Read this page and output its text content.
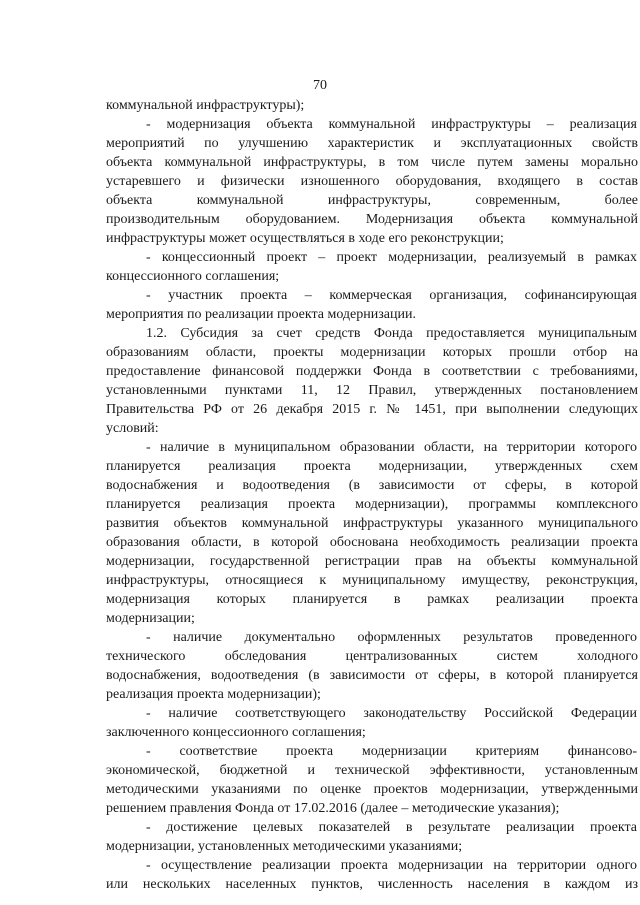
70
коммунальной инфраструктуры);
- модернизация объекта коммунальной инфраструктуры – реализация
мероприятий по улучшению характеристик и эксплуатационных свойств
объекта коммунальной инфраструктуры, в том числе путем замены морально
устаревшего и физически изношенного оборудования, входящего в состав
объекта коммунальной инфраструктуры, современным, более
производительным оборудованием. Модернизация объекта коммунальной
инфраструктуры может осуществляться в ходе его реконструкции;
- концессионный проект – проект модернизации, реализуемый в рамках
концессионного соглашения;
- участник проекта – коммерческая организация, софинансирующая
мероприятия по реализации проекта модернизации.
1.2. Субсидия за счет средств Фонда предоставляется муниципальным
образованиям области, проекты модернизации которых прошли отбор на
предоставление финансовой поддержки Фонда в соответствии с требованиями,
установленными пунктами 11, 12 Правил, утвержденных постановлением
Правительства РФ от 26 декабря 2015 г. № 1451, при выполнении следующих
условий:
- наличие в муниципальном образовании области, на территории которого
планируется реализация проекта модернизации, утвержденных схем
водоснабжения и водоотведения (в зависимости от сферы, в которой
планируется реализация проекта модернизации), программы комплексного
развития объектов коммунальной инфраструктуры указанного муниципального
образования области, в которой обоснована необходимость реализации проекта
модернизации, государственной регистрации прав на объекты коммунальной
инфраструктуры, относящиеся к муниципальному имуществу, реконструкция,
модернизация которых планируется в рамках реализации проекта
модернизации;
- наличие документально оформленных результатов проведенного
технического обследования централизованных систем холодного
водоснабжения, водоотведения (в зависимости от сферы, в которой планируется
реализация проекта модернизации);
- наличие соответствующего законодательству Российской Федерации
заключенного концессионного соглашения;
- соответствие проекта модернизации критериям финансово-
экономической, бюджетной и технической эффективности, установленным
методическими указаниями по оценке проектов модернизации, утвержденными
решением правления Фонда от 17.02.2016 (далее – методические указания);
- достижение целевых показателей в результате реализации проекта
модернизации, установленных методическими указаниями;
- осуществление реализации проекта модернизации на территории одного
или нескольких населенных пунктов, численность населения в каждом из
